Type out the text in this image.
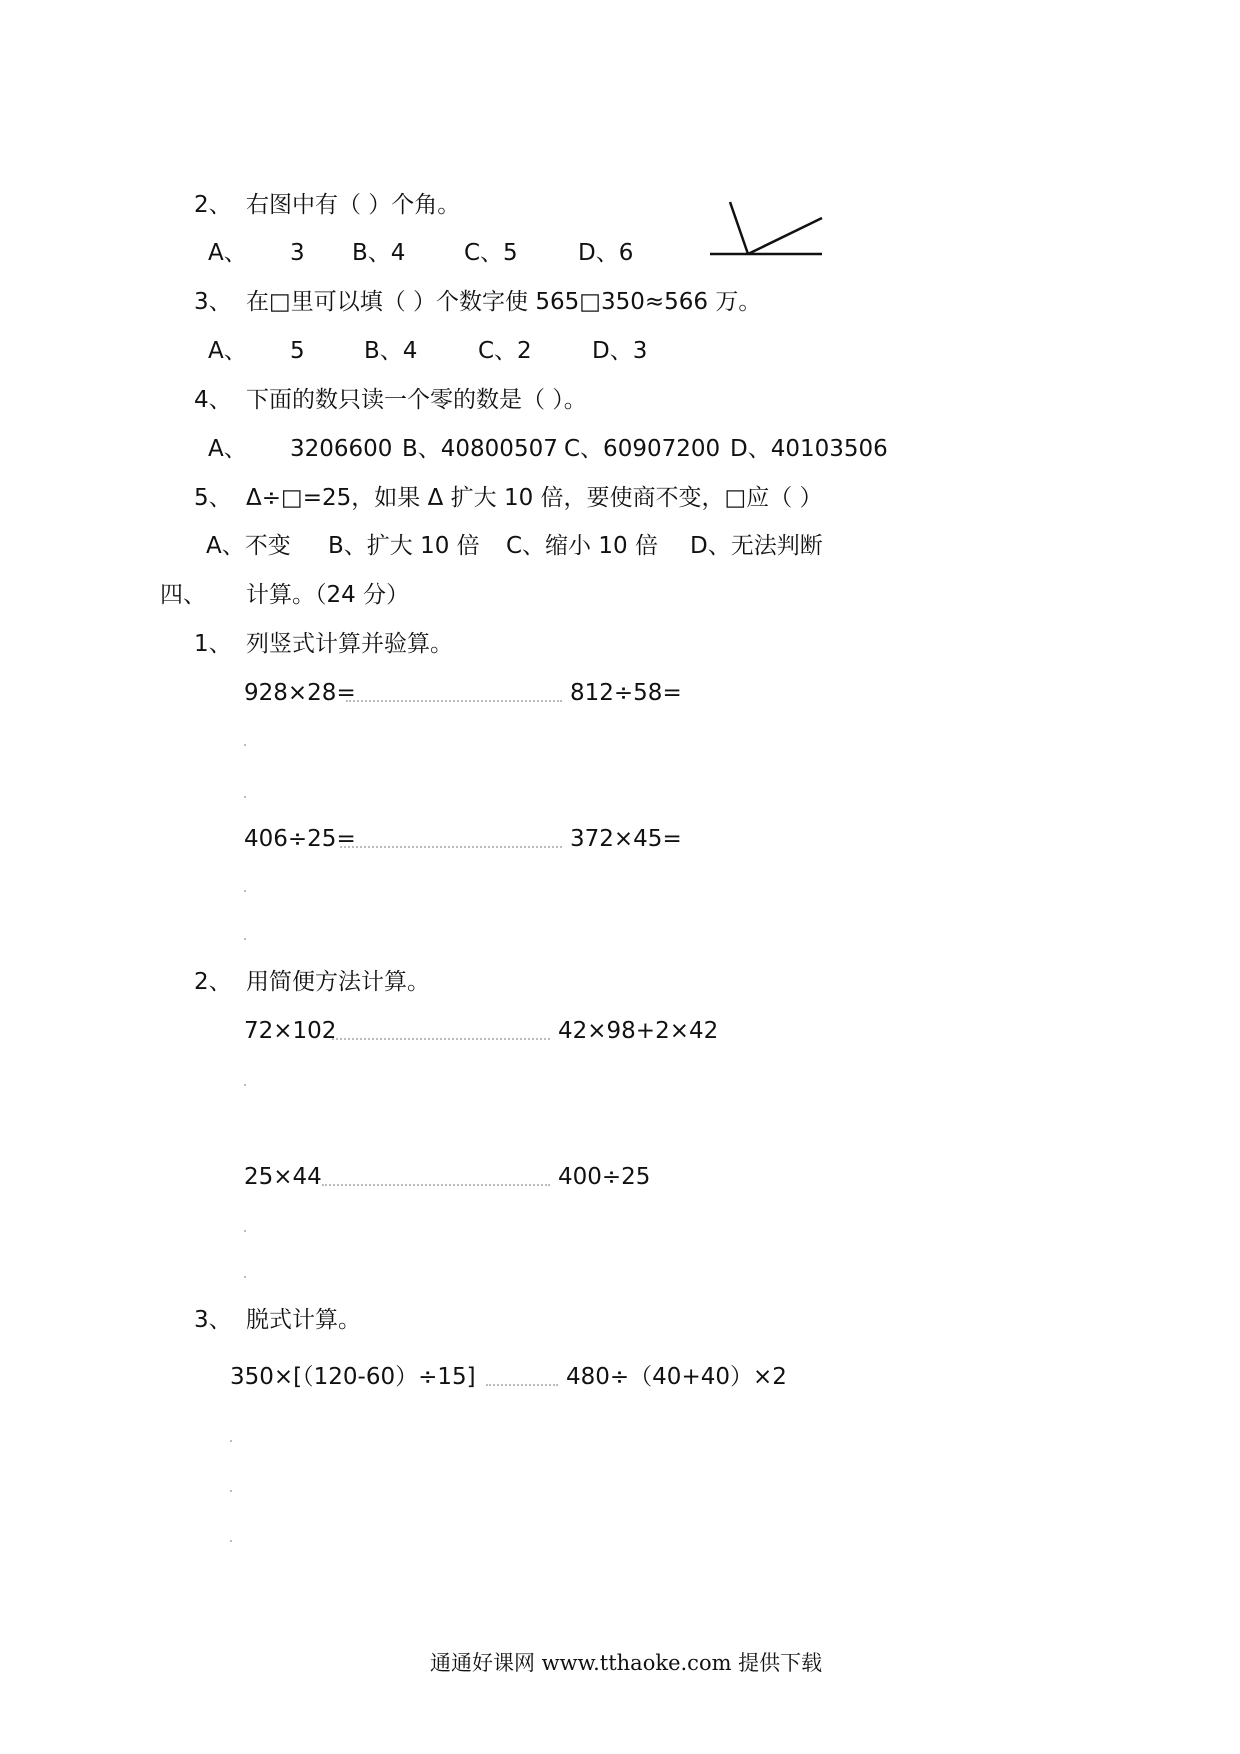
2、 右图中有（ ）个角。
A、 3 B、4	C、5	D、6
3、 在□里可以填（ ）个数字使 565□350≈566 万。
A、 5	B、4	C、2	D、3
4、 下面的数只读一个零的数是（ ）。
A、 3206600 B、40800507 C、60907200 D、40103506
5、 Δ÷□=25，如果 Δ 扩大 10 倍，要使商不变，□应（ ）
A、不变 B、扩大 10 倍 C、缩小 10 倍 D、无法判断
四、 计算。（24 分）
1、 列竖式计算并验算。
928×28=	812÷58=
406÷25=	372×45=
2、 用简便方法计算。
72×102	42×98+2×42
25×44	400÷25
3、 脱式计算。
350×[（120-60）÷15]	480÷（40+40）×2
通通好课网 www.tthaoke.com 提供下载
